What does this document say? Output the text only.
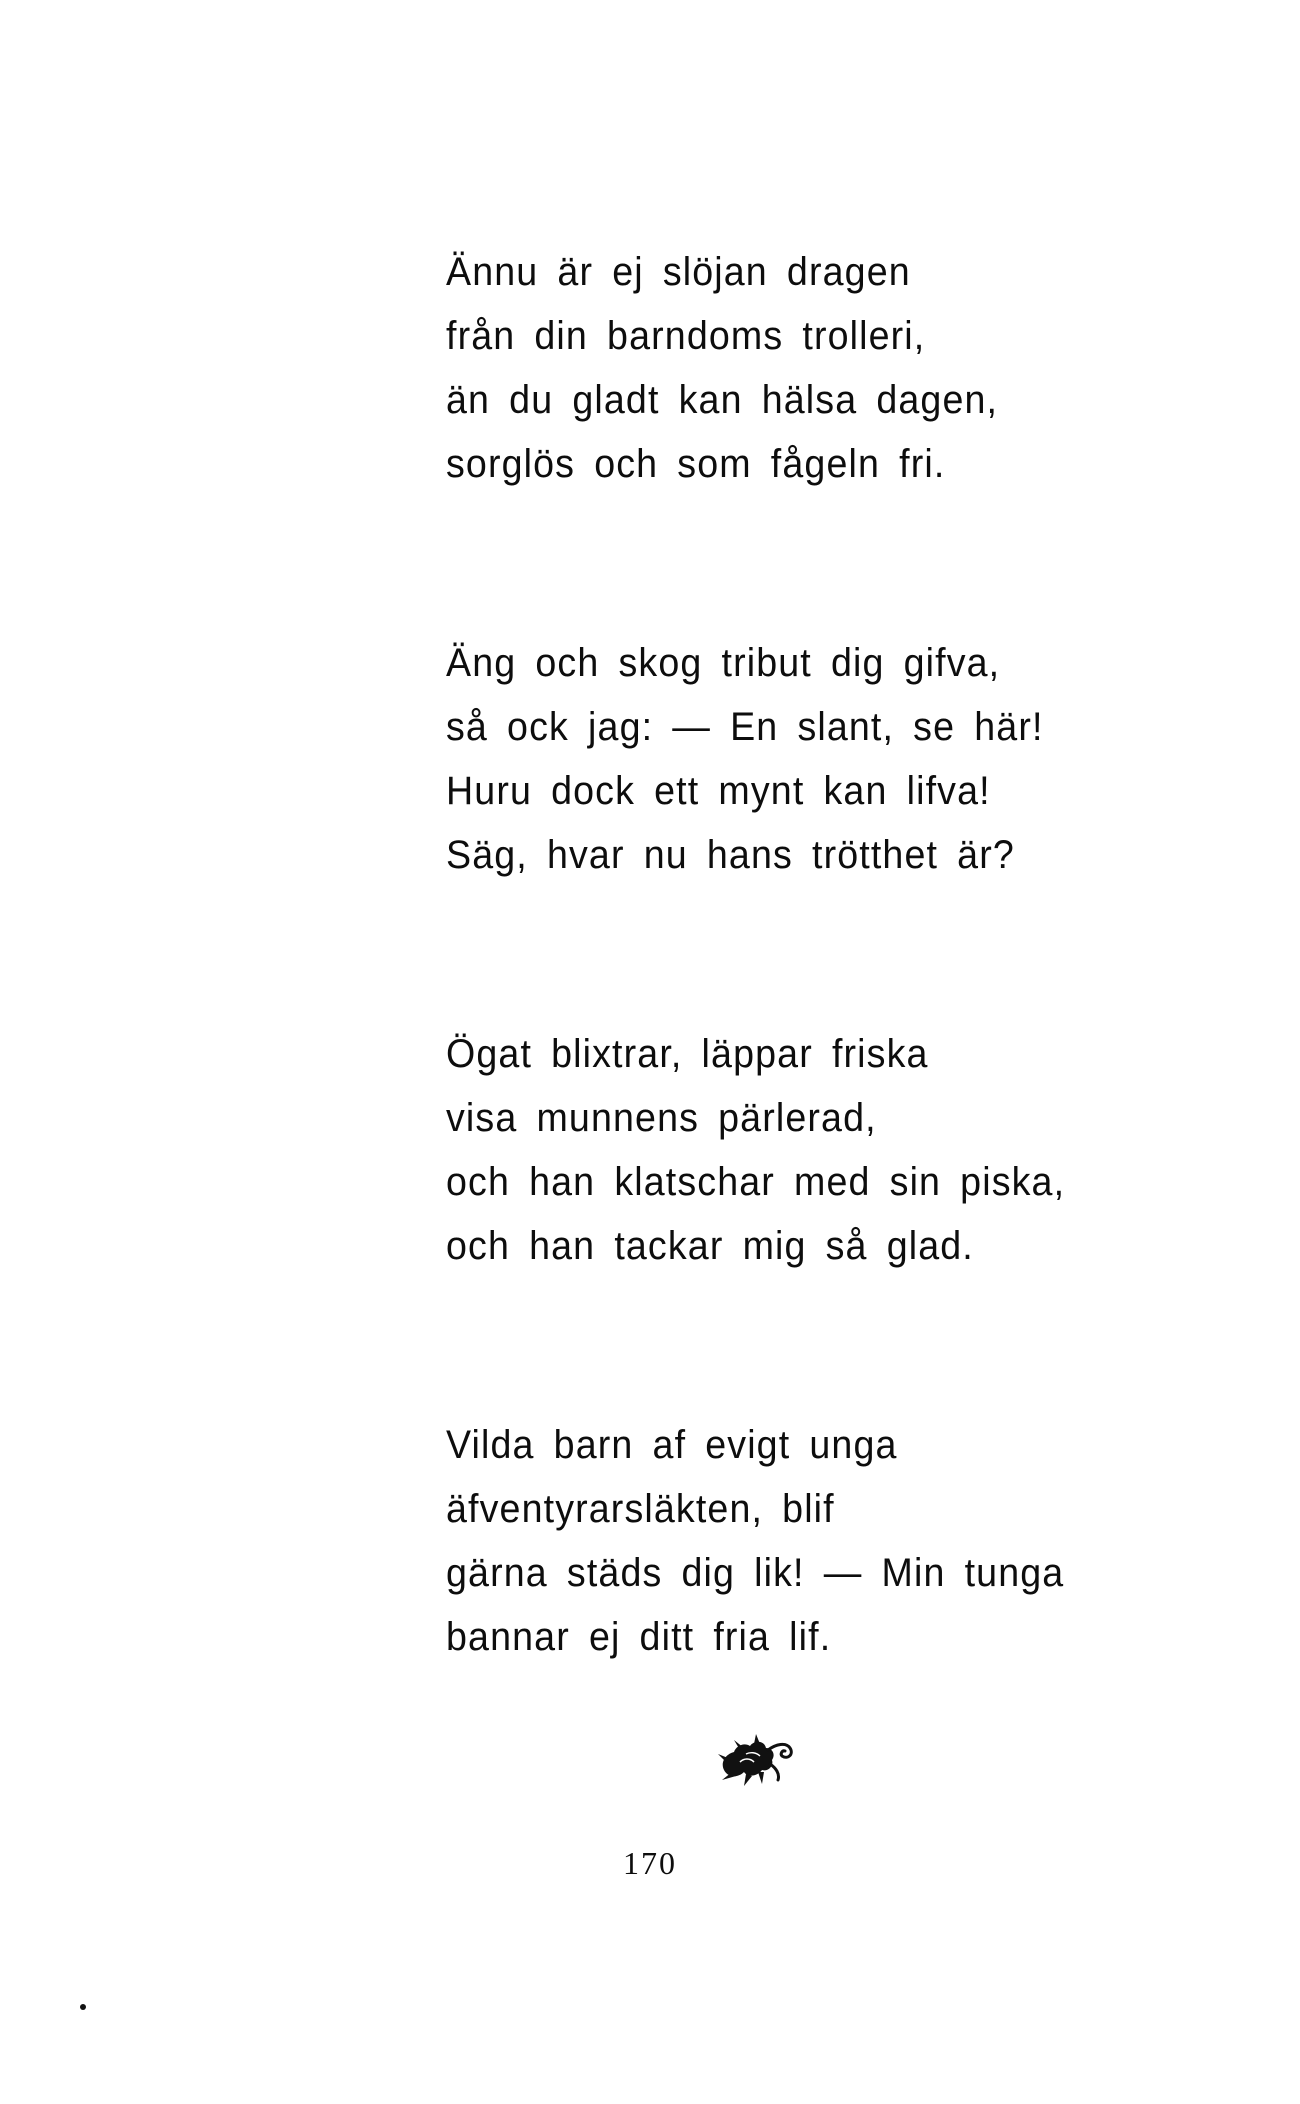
Ännu är ej slöjan dragen
från din barndoms trolleri,
än du gladt kan hälsa dagen,
sorglös och som fågeln fri.
Äng och skog tribut dig gifva,
så ock jag: — En slant, se här!
Huru dock ett mynt kan lifva!
Säg, hvar nu hans trötthet är?
Ögat blixtrar, läppar friska
visa munnens pärlerad,
och han klatschar med sin piska,
och han tackar mig så glad.
Vilda barn af evigt unga
äfventyrarsläkten, blif
gärna städs dig lik! — Min tunga
bannar ej ditt fria lif.
170
